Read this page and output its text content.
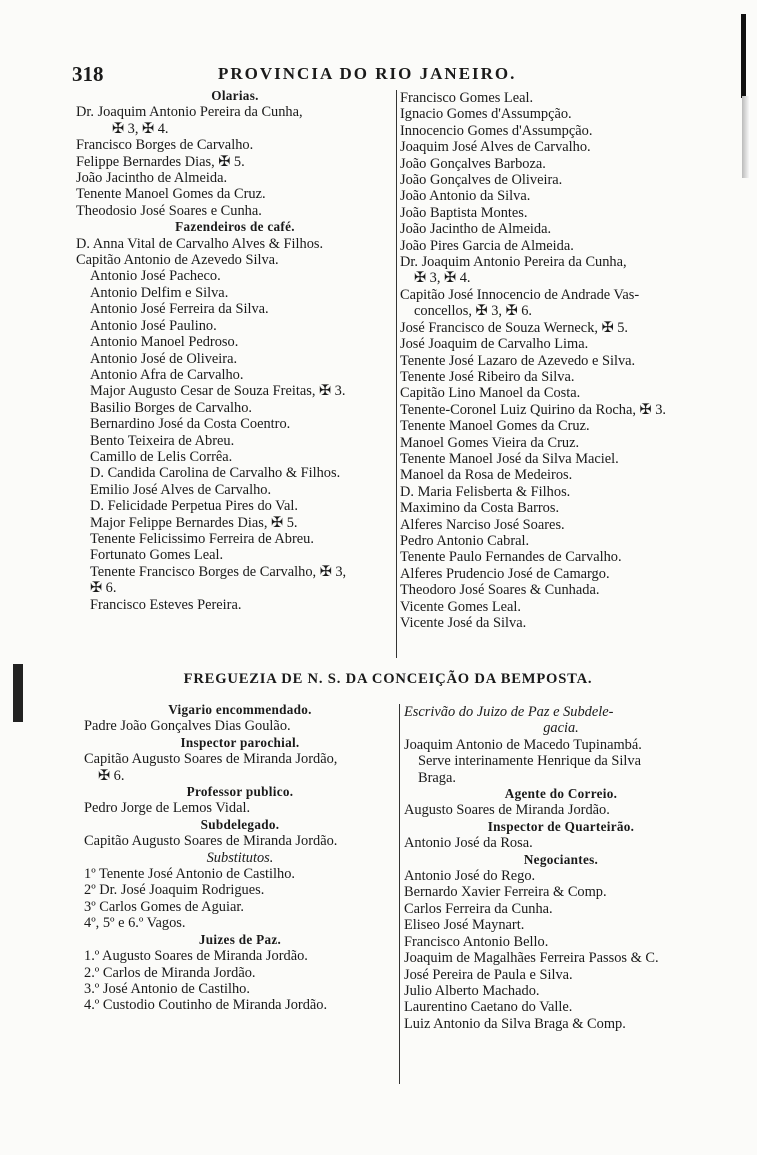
318	PROVINCIA DO RIO JANEIRO.
Olarias.
Dr. Joaquim Antonio Pereira da Cunha,
✠ 3, ✠ 4.
Francisco Borges de Carvalho.
Felippe Bernardes Dias, ✠ 5.
João Jacintho de Almeida.
Tenente Manoel Gomes da Cruz.
Theodosio José Soares e Cunha.
Fazendeiros de café.
D. Anna Vital de Carvalho Alves & Filhos.
Capitão Antonio de Azevedo Silva.
Antonio José Pacheco.
Antonio Delfim e Silva.
Antonio José Ferreira da Silva.
Antonio José Paulino.
Antonio Manoel Pedroso.
Antonio José de Oliveira.
Antonio Afra de Carvalho.
Major Augusto Cesar de Souza Freitas, ✠ 3.
Basilio Borges de Carvalho.
Bernardino José da Costa Coentro.
Bento Teixeira de Abreu.
Camillo de Lelis Corrêa.
D. Candida Carolina de Carvalho & Filhos.
Emilio José Alves de Carvalho.
D. Felicidade Perpetua Pires do Val.
Major Felippe Bernardes Dias, ✠ 5.
Tenente Felicissimo Ferreira de Abreu.
Fortunato Gomes Leal.
Tenente Francisco Borges de Carvalho, ✠ 3,
✠ 6.
Francisco Esteves Pereira.
Francisco Gomes Leal.
Ignacio Gomes d'Assumpção.
Innocencio Gomes d'Assumpção.
Joaquim José Alves de Carvalho.
João Gonçalves Barboza.
João Gonçalves de Oliveira.
João Antonio da Silva.
João Baptista Montes.
João Jacintho de Almeida.
João Pires Garcia de Almeida.
Dr. Joaquim Antonio Pereira da Cunha,
✠ 3, ✠ 4.
Capitão José Innocencio de Andrade Vas-
concellos, ✠ 3, ✠ 6.
José Francisco de Souza Werneck, ✠ 5.
José Joaquim de Carvalho Lima.
Tenente José Lazaro de Azevedo e Silva.
Tenente José Ribeiro da Silva.
Capitão Lino Manoel da Costa.
Tenente-Coronel Luiz Quirino da Rocha, ✠ 3.
Tenente Manoel Gomes da Cruz.
Manoel Gomes Vieira da Cruz.
Tenente Manoel José da Silva Maciel.
Manoel da Rosa de Medeiros.
D. Maria Felisberta & Filhos.
Maximino da Costa Barros.
Alferes Narciso José Soares.
Pedro Antonio Cabral.
Tenente Paulo Fernandes de Carvalho.
Alferes Prudencio José de Camargo.
Theodoro José Soares & Cunhada.
Vicente Gomes Leal.
Vicente José da Silva.
FREGUEZIA DE N. S. DA CONCEIÇÃO DA BEMPOSTA.
Vigario encommendado.
Padre João Gonçalves Dias Goulão.
Inspector parochial.
Capitão Augusto Soares de Miranda Jordão,
✠ 6.
Professor publico.
Pedro Jorge de Lemos Vidal.
Subdelegado.
Capitão Augusto Soares de Miranda Jordão.
Substitutos.
1º Tenente José Antonio de Castilho.
2º Dr. José Joaquim Rodrigues.
3º Carlos Gomes de Aguiar.
4º, 5º e 6.º Vagos.
Juizes de Paz.
1.º Augusto Soares de Miranda Jordão.
2.º Carlos de Miranda Jordão.
3.º José Antonio de Castilho.
4.º Custodio Coutinho de Miranda Jordão.
Escrivão do Juizo de Paz e Subdele-
gacia.
Joaquim Antonio de Macedo Tupinambá.
Serve interinamente Henrique da Silva
Braga.
Agente do Correio.
Augusto Soares de Miranda Jordão.
Inspector de Quarteirão.
Antonio José da Rosa.
Negociantes.
Antonio José do Rego.
Bernardo Xavier Ferreira & Comp.
Carlos Ferreira da Cunha.
Eliseo José Maynart.
Francisco Antonio Bello.
Joaquim de Magalhães Ferreira Passos & C.
José Pereira de Paula e Silva.
Julio Alberto Machado.
Laurentino Caetano do Valle.
Luiz Antonio da Silva Braga & Comp.
